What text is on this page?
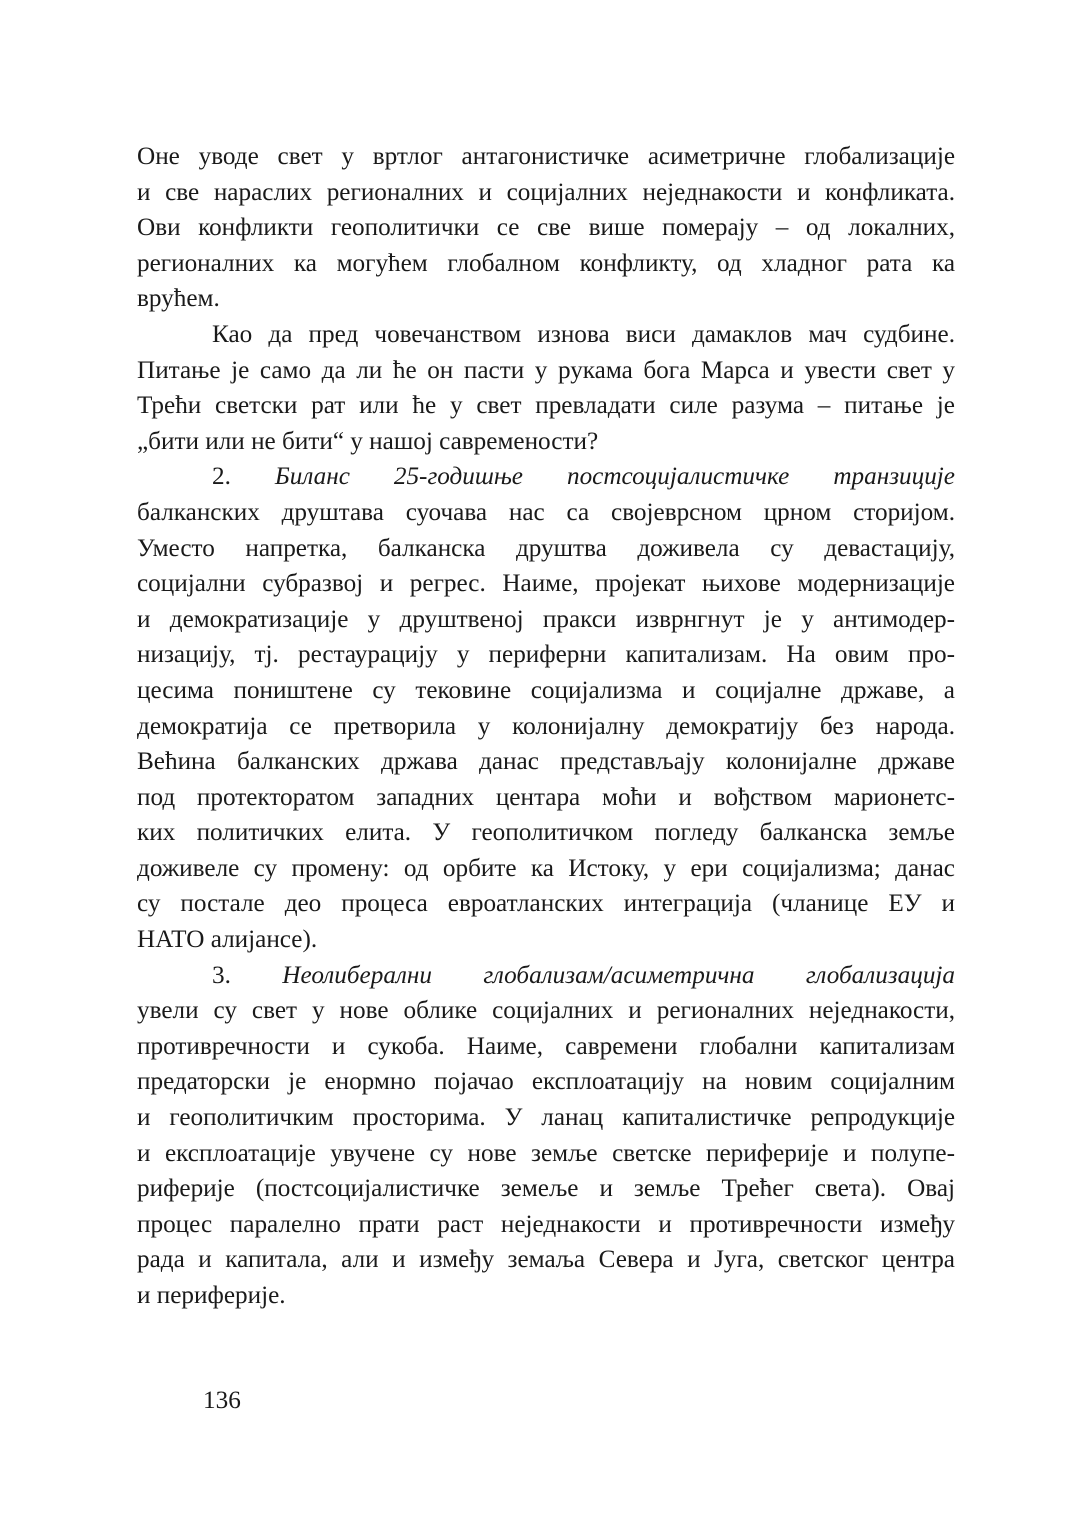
Оне уводе свет у вртлог антагонистичке асиметричне глобализације
и све нараслих регионалних и социјалних неједнакости и конфликата.
Ови конфликти геополитички се све више померају – од локалних,
регионалних ка могућем глобалном конфликту, од хладног рата ка
врућем.
Као да пред човечанством изнова виси дамаклов мач судбине.
Питање је само да ли ће он пасти у рукама бога Марса и увести свет у
Трећи светски рат или ће у свет превладати силе разума – питање је
„бити или не бити“ у нашој савремености?
2. Биланс 25-годишње постсоцијалистичке транзиције
балканских друштава суочава нас са својеврсном црном сторијом.
Уместо напретка, балканска друштва доживела су девастацију,
социјални субразвој и регрес. Наиме, пројекат њихове модернизације
и демократизације у друштвеној пракси изврнгнут је у антимодер-
низацију, тј. рестаурацију у периферни капитализам. На овим про-
цесима поништене су тековине социјализма и социјалне државе, а
демократија се претворила у колонијалну демократију без народа.
Већина балканских држава данас представљају колонијалне државе
под протекторатом западних центара моћи и вођством марионетс-
ких политичких елита. У геополитичком погледу балканска земље
доживеле су промену: од орбите ка Истоку, у ери социјализма; данас
су постале део процеса евроатланских интеграција (чланице ЕУ и
НАТО алијансе).
3. Неолиберални глобализам/асиметрична глобализација
увели су свет у нове облике социјалних и регионалних неједнакости,
противречности и сукоба. Наиме, савремени глобални капитализам
предаторски је енормно појачао експлоатацију на новим социјалним
и геополитичким просторима. У ланац капиталистичке репродукције
и експлоатације увучене су нове земље светске периферије и полупе-
риферије (постсоцијалистичке земеље и земље Трећег света). Овај
процес паралелно прати раст неједнакости и противречности између
рада и капитала, али и између земаља Севера и Југа, светског центра
и периферије.
136
